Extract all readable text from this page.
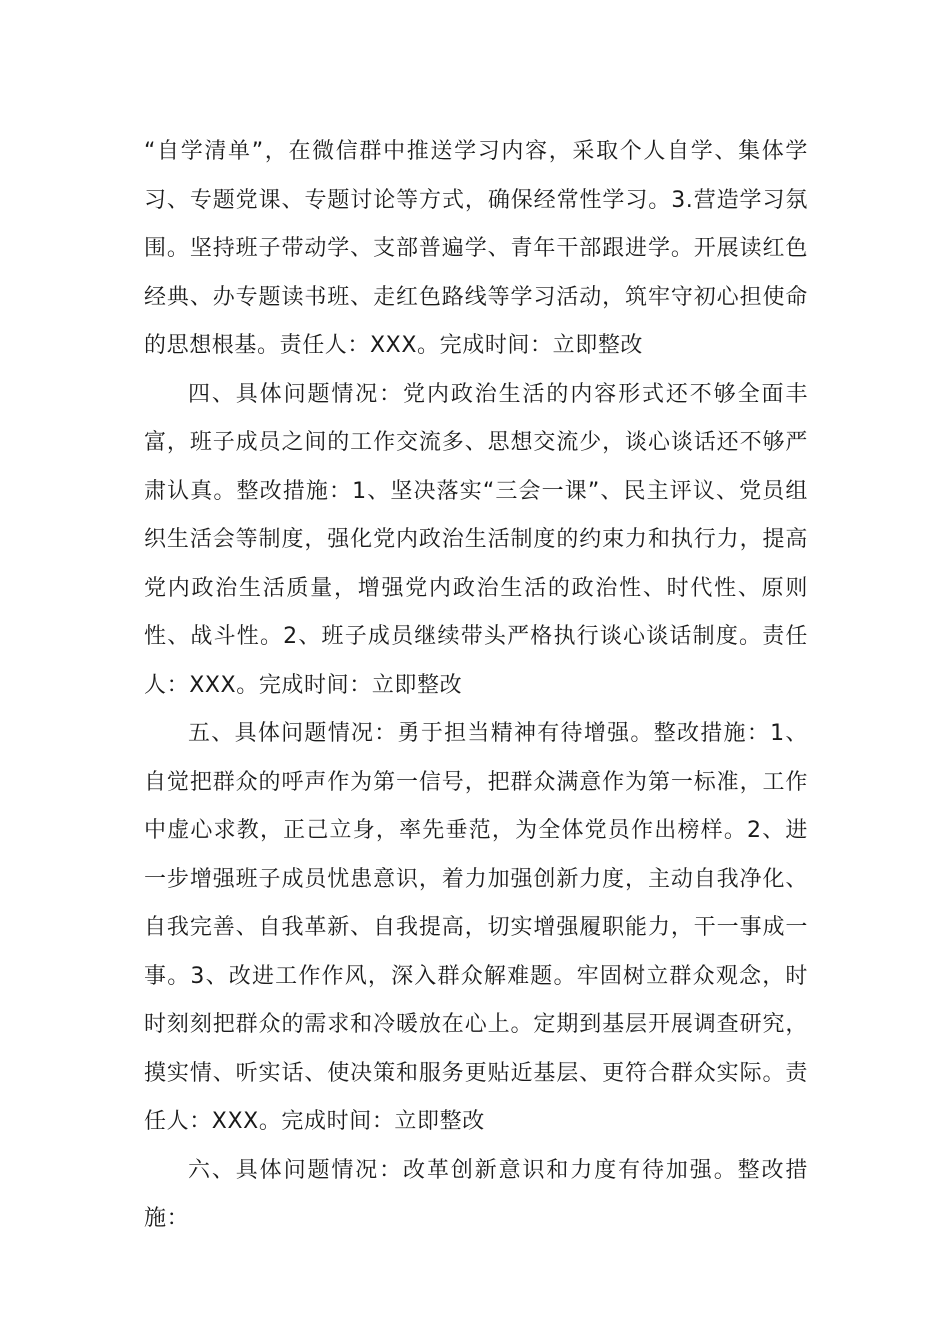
“自学清单”，在微信群中推送学习内容，采取个人自学、集体学习、专题党课、专题讨论等方式，确保经常性学习。3.营造学习氛围。坚持班子带动学、支部普遍学、青年干部跟进学。开展读红色经典、办专题读书班、走红色路线等学习活动，筑牢守初心担使命的思想根基。责任人：XXX。完成时间：立即整改

四、具体问题情况：党内政治生活的内容形式还不够全面丰富，班子成员之间的工作交流多、思想交流少，谈心谈话还不够严肃认真。整改措施：1、坚决落实“三会一课”、民主评议、党员组织生活会等制度，强化党内政治生活制度的约束力和执行力，提高党内政治生活质量，增强党内政治生活的政治性、时代性、原则性、战斗性。2、班子成员继续带头严格执行谈心谈话制度。责任人：XXX。完成时间：立即整改

五、具体问题情况：勇于担当精神有待增强。整改措施：1、自觉把群众的呼声作为第一信号，把群众满意作为第一标准，工作中虚心求教，正己立身，率先垂范，为全体党员作出榜样。2、进一步增强班子成员忧患意识，着力加强创新力度，主动自我净化、自我完善、自我革新、自我提高，切实增强履职能力，干一事成一事。3、改进工作作风，深入群众解难题。牢固树立群众观念，时时刻刻把群众的需求和冷暖放在心上。定期到基层开展调查研究，摸实情、听实话、使决策和服务更贴近基层、更符合群众实际。责任人：XXX。完成时间：立即整改

六、具体问题情况：改革创新意识和力度有待加强。整改措施：
